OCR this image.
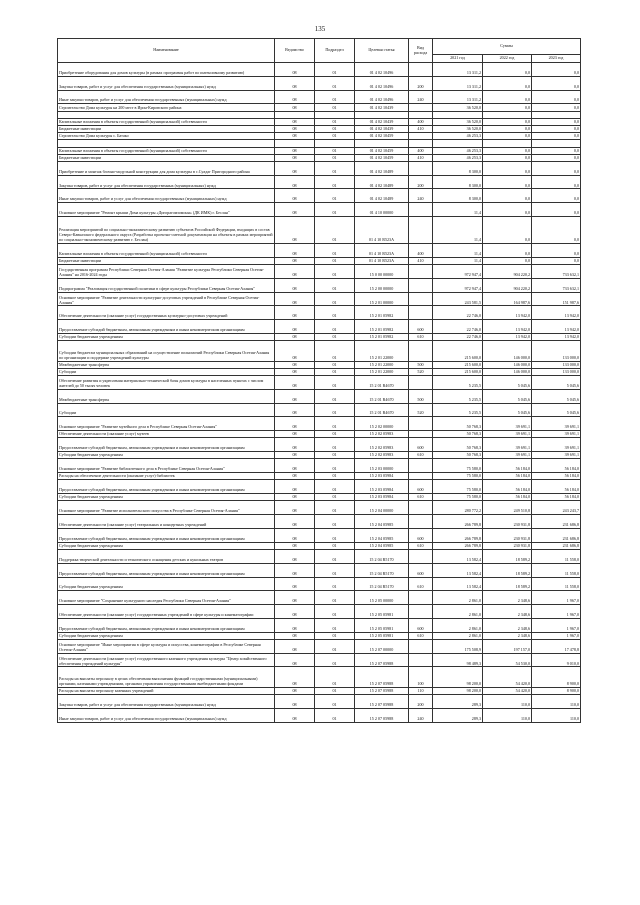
135
Наименование	Ведомство	Подраздел	Целевая статья	Вид расхода	Суммы		
					2021 год	2022 год	2023 год
Приобретение оборудования для домов культуры (в рамках программы работ по интенсивному развитию)	08	01	01 4 02 10496		13 311,2	0,0	0,0
Закупка товаров, работ и услуг для обеспечения государственных (муниципальных) нужд	08	01	01 4 02 10496	200	13 311,2	0,0	0,0
Иные закупки товаров, работ и услуг для обеспечения государственных (муниципальных) нужд	08	01	01 4 02 10496	240	13 311,2	0,0	0,0
Строительство Дома культуры на 200 мест в Ирон-Кировского района	08	01	01 4 02 10439		36 520,0	0,0	0,0

Капитальные вложения в объекты государственной (муниципальной) собственности	08	01	01 4 02 10439	400	36 520,0	0,0	0,0
Бюджетные инвестиции	08	01	01 4 02 10439	410	36 520,0	0,0	0,0
Строительство Дома культуры с. Батако	08	01	01 4 02 10459		46 253,3	0,0	0,0

Капитальные вложения в объекты государственной (муниципальной) собственности	08	01	01 4 02 10459	400	46 253,3	0,0	0,0
Бюджетные инвестиции	08	01	01 4 02 10459	410	46 253,3	0,0	0,0
Приобретение и монтаж блочно-модульной конструкции для дома культуры в с.Суадаг Пригородного района	08	01	01 4 02 10489		8 300,0	0,0	0,0
Закупка товаров, работ и услуг для обеспечения государственных (муниципальных) нужд	08	01	01 4 02 10489	200	8 300,0	0,0	0,0
Иные закупки товаров, работ и услуг для обеспечения государственных (муниципальных) нужд	08	01	01 4 02 10489	240	8 300,0	0,0	0,0
Основное мероприятие "Ремонт крыши Дома культуры «Дигорагомзомонн» (ДК ИМК) г. Беслан"	08	01	01 4 10 00000		11,4	0,0	0,0
Реализация мероприятий по социально-экономическому развитию субъектов Российской Федерации, входящих в состав Северо-Кавказского федерального округа (Разработка проектно-сметной документации на объекты в рамках мероприятий по социально-экономическому развитию г. Беслан)	08	01	01 4 10 R523A		11,4	0,0	0,0
Капитальные вложения в объекты государственной (муниципальной) собственности	08	01	01 4 10 R523A	400	11,4	0,0	0,0
Бюджетные инвестиции	08	01	01 4 10 R523A	410	11,4	0,0	0,0
Государственная программа Республики Северная Осетия-Алания "Развитие культуры Республики Северная Осетия-Алания" на 2016-2024 годы	08	01	15 0 00 00000		972 947,4	904 220,2	733 632,1
Подпрограмма "Реализация государственной политики в сфере культуры Республики Северная Осетия-Алания"	08	01	15 2 00 00000		972 947,4	904 220,2	733 632,1
Основное мероприятие "Развитие деятельности культурно-досуговых учреждений в Республике Северная Осетия-Алания"	08	01	15 2 01 00000		243 581,5	164 987,6	151 987,6
Обеспечение деятельности (оказание услуг) государственных культурно-досуговых учреждений	08	01	15 2 01 05982		22 746,0	13 942,0	13 942,0
Предоставление субсидий бюджетным, автономным учреждениям и иным некоммерческим организациям	08	01	15 2 01 05982	600	22 746,0	13 942,0	13 942,0
Субсидии бюджетным учреждениям	08	01	15 2 01 05982	610	22 746,0	13 942,0	13 942,0
Субсидии бюджетам муниципальных образований на осуществление полномочий Республики Северная Осетия-Алания по организации и поддержке учреждений культуры	08	01	15 2 01 22000		215 600,0	146 000,0	133 000,0
Межбюджетные трансферты	08	01	15 2 01 22000	500	215 600,0	146 000,0	133 000,0
Субсидии	08	01	15 2 01 22000	520	215 600,0	146 000,0	133 000,0
Обеспечение развития и укрепления материально-технической базы домов культуры в населенных пунктах с числом жителей до 50 тысяч человек	08	01	15 2 01 R4670		5 235,5	5 045,6	5 045,6
Межбюджетные трансферты	08	01	15 2 01 R4670	500	5 235,5	5 045,6	5 045,6
Субсидии	08	01	15 2 01 R4670	520	5 235,5	5 045,6	5 045,6
Основное мероприятие "Развитие музейного дела в Республике Северная Осетия-Алания"	08	01	15 2 02 00000		50 768,3	39 691,1	39 691,1
Обеспечение деятельности (оказание услуг) музеев	08	01	15 2 02 05983		50 768,3	39 691,1	39 691,1
Предоставление субсидий бюджетным, автономным учреждениям и иным некоммерческим организациям	08	01	15 2 02 05983	600	50 768,3	39 691,1	39 691,1
Субсидии бюджетным учреждениям	08	01	15 2 02 05983	610	50 768,3	39 691,1	39 691,1
Основное мероприятие "Развитие библиотечного дела в Республике Северная Осетия-Алания"	08	01	15 2 03 00000		75 580,0	56 184,0	56 184,0
Расходы на обеспечение деятельности (оказание услуг) библиотек	08	01	15 2 03 05984		75 580,0	56 184,0	56 184,0
Предоставление субсидий бюджетным, автономным учреждениям и иным некоммерческим организациям	08	01	15 2 03 05984	600	75 580,0	56 184,0	56 184,0
Субсидии бюджетным учреждениям	08	01	15 2 03 05984	610	75 580,0	56 184,0	56 184,0
Основное мероприятие "Развитие исполнительского искусства в Республике Северная Осетия-Алания"	08	01	15 2 04 00000		280 772,2	249 510,8	243 243,7
Обеспечение деятельности (оказание услуг) театральных и концертных учреждений	08	01	15 2 04 05985		266 789,8	230 931,8	231 686,8
Предоставление субсидий бюджетным, автономным учреждениям и иным некоммерческим организациям	08	01	15 2 04 05985	600	266 789,8	230 931,8	231 686,8
Субсидии бюджетным учреждениям	08	01	15 2 04 05985	610	266 789,8	230 931,8	231 686,8
Поддержка творческой деятельности и технического оснащения детских и кукольных театров	08	01	15 2 04 R5170		13 582,4	18 589,2	11 558,0
Предоставление субсидий бюджетным, автономным учреждениям и иным некоммерческим организациям	08	01	15 2 04 R5170	600	13 582,4	18 589,2	11 558,0
Субсидии бюджетным учреждениям	08	01	15 2 04 R5170	610	13 582,4	18 589,2	11 558,0
Основное мероприятие "Сохранение культурного наследия Республики Северная Осетия-Алания"	08	01	15 2 05 00000		2 861,0	2 348,6	1 967,0
Обеспечение деятельности (оказание услуг) государственных учреждений в сфере культуры и кинематографии	08	01	15 2 05 05981		2 861,0	2 348,6	1 967,0
Предоставление субсидий бюджетным, автономным учреждениям и иным некоммерческим организациям	08	01	15 2 05 05981	600	2 861,0	2 348,6	1 967,0
Субсидии бюджетным учреждениям	08	01	15 2 05 05981	610	2 861,0	2 348,6	1 967,0
Основное мероприятие "Иные мероприятия в сфере культуры и искусства, кинематографии в Республике Северная Осетия-Алания"	08	01	15 2 07 00000		175 508,9	197 157,0	17 478,8
Обеспечение деятельности (оказание услуг) государственного казенного учреждения культуры "Центр хозяйственного обеспечения учреждений культуры"	08	01	15 2 07 05988		98 489,3	54 530,0	9 010,0
Расходы на выплаты персоналу в целях обеспечения выполнения функций государственными (муниципальными) органами, казенными учреждениями, органами управления государственными внебюджетными фондами	08	01	15 2 07 05988	100	98 200,0	54 420,0	8 900,0
Расходы на выплаты персоналу казенных учреждений	08	01	15 2 07 05988	110	98 200,0	54 420,0	8 900,0
Закупка товаров, работ и услуг для обеспечения государственных (муниципальных) нужд	08	01	15 2 07 05988	200	289,3	110,0	110,0
Иные закупки товаров, работ и услуг для обеспечения государственных (муниципальных) нужд	08	01	15 2 07 05988	240	289,3	110,0	110,0
